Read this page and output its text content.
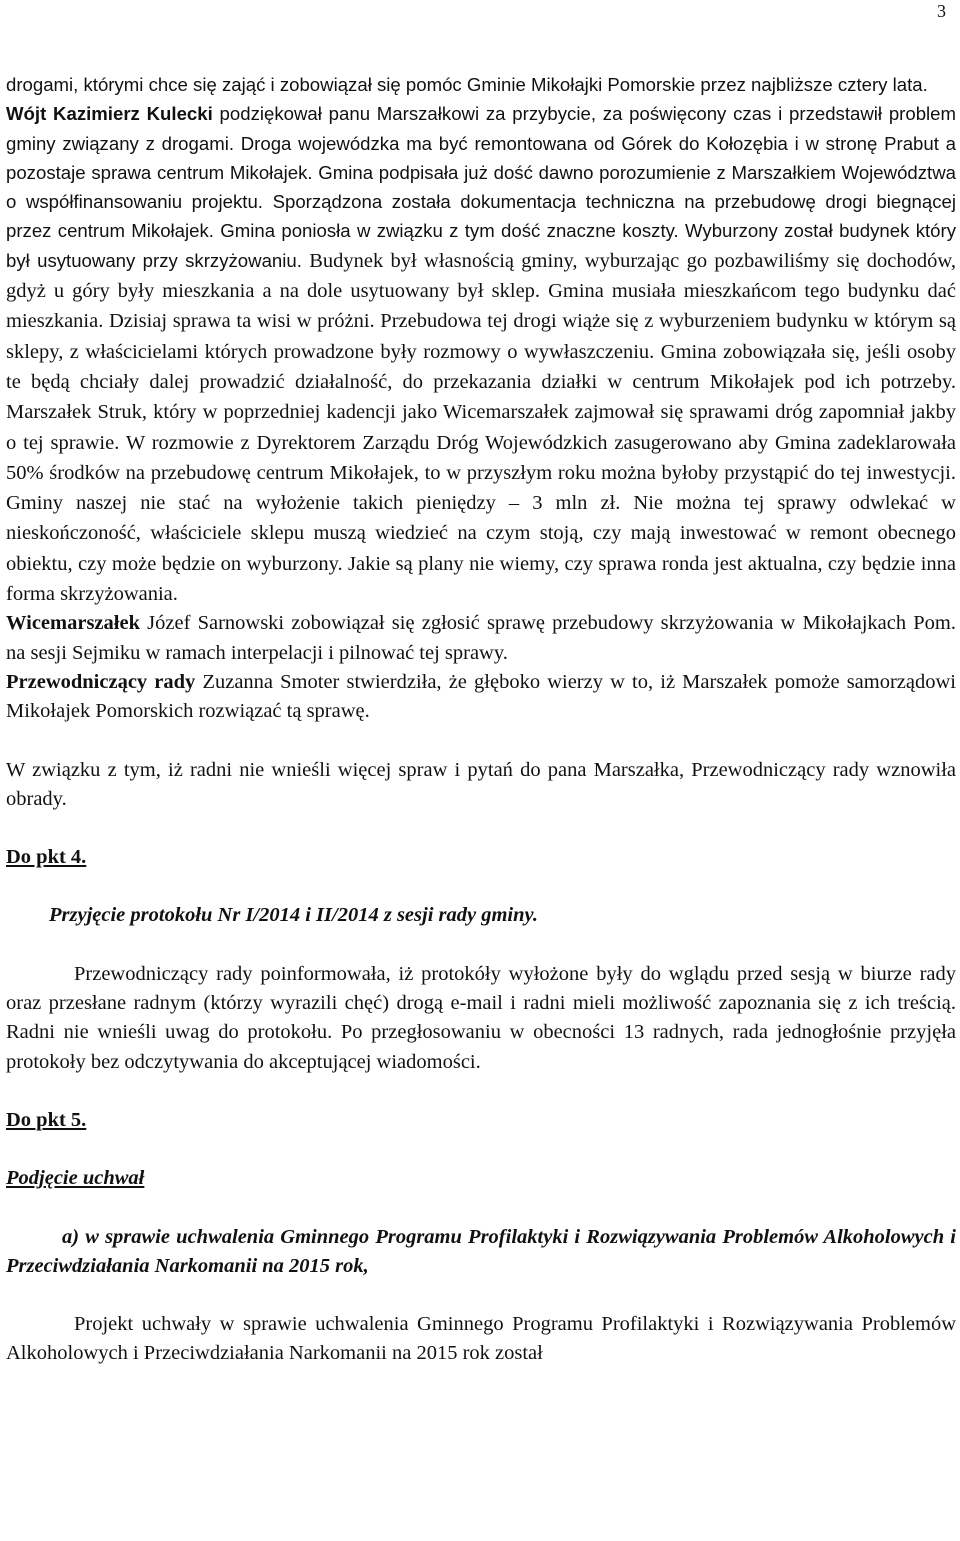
3

drogami, którymi chce się zająć i zobowiązał się pomóc Gminie Mikołajki Pomorskie przez najbliższe cztery lata.
Wójt Kazimierz Kulecki podziękował panu Marszałkowi za przybycie, za poświęcony czas i przedstawił problem gminy związany z drogami. Droga wojewódzka ma być remontowana od Górek do Kołozębia i w stronę Prabut a pozostaje sprawa centrum Mikołajek. Gmina podpisała już dość dawno porozumienie z Marszałkiem Województwa o współfinansowaniu projektu. Sporządzona została dokumentacja techniczna na przebudowę drogi biegnącej przez centrum Mikołajek. Gmina poniosła w związku z tym dość znaczne koszty. Wyburzony został budynek który był usytuowany przy skrzyżowaniu. Budynek był własnością gminy, wyburzając go pozbawiliśmy się dochodów, gdyż u góry były mieszkania a na dole usytuowany był sklep. Gmina musiała mieszkańcom tego budynku dać mieszkania. Dzisiaj sprawa ta wisi w próżni. Przebudowa tej drogi wiąże się z wyburzeniem budynku w którym są sklepy, z właścicielami których prowadzone były rozmowy o wywłaszczeniu. Gmina zobowiązała się, jeśli osoby te będą chciały dalej prowadzić działalność, do przekazania działki w centrum Mikołajek pod ich potrzeby. Marszałek Struk, który w poprzedniej kadencji jako Wicemarszałek zajmował się sprawami dróg zapomniał jakby o tej sprawie. W rozmowie z Dyrektorem Zarządu Dróg Wojewódzkich zasugerowano aby Gmina zadeklarowała 50% środków na przebudowę centrum Mikołajek, to w przyszłym roku można byłoby przystąpić do tej inwestycji. Gminy naszej nie stać na wyłożenie takich pieniędzy – 3 mln zł. Nie można tej sprawy odwlekać w nieskończoność, właściciele sklepu muszą wiedzieć na czym stoją, czy mają inwestować w remont obecnego obiektu, czy może będzie on wyburzony. Jakie są plany nie wiemy, czy sprawa ronda jest aktualna, czy będzie inna forma skrzyżowania.

Wicemarszałek Józef Sarnowski zobowiązał się zgłosić sprawę przebudowy skrzyżowania w Mikołajkach Pom. na sesji Sejmiku w ramach interpelacji i pilnować tej sprawy.

Przewodniczący rady Zuzanna Smoter stwierdziła, że głęboko wierzy w to, iż Marszałek pomoże samorządowi Mikołajek Pomorskich rozwiązać tą sprawę.

W związku z tym, iż radni nie wnieśli więcej spraw i pytań do pana Marszałka, Przewodniczący rady wznowiła obrady.

Do pkt 4.

Przyjęcie protokołu Nr I/2014 i II/2014 z sesji rady gminy.

Przewodniczący rady poinformowała, iż protokóły wyłożone były do wglądu przed sesją w biurze rady oraz przesłane radnym (którzy wyrazili chęć) drogą e-mail i radni mieli możliwość zapoznania się z ich treścią. Radni nie wnieśli uwag do protokołu. Po przegłosowaniu w obecności 13 radnych, rada jednogłośnie przyjęła protokoły bez odczytywania do akceptującej wiadomości.

Do pkt 5.

Podjęcie uchwał

a) w sprawie uchwalenia Gminnego Programu Profilaktyki i Rozwiązywania Problemów Alkoholowych i Przeciwdziałania Narkomanii na 2015 rok,

Projekt uchwały w sprawie uchwalenia Gminnego Programu Profilaktyki i Rozwiązywania Problemów Alkoholowych i Przeciwdziałania Narkomanii na 2015 rok został
